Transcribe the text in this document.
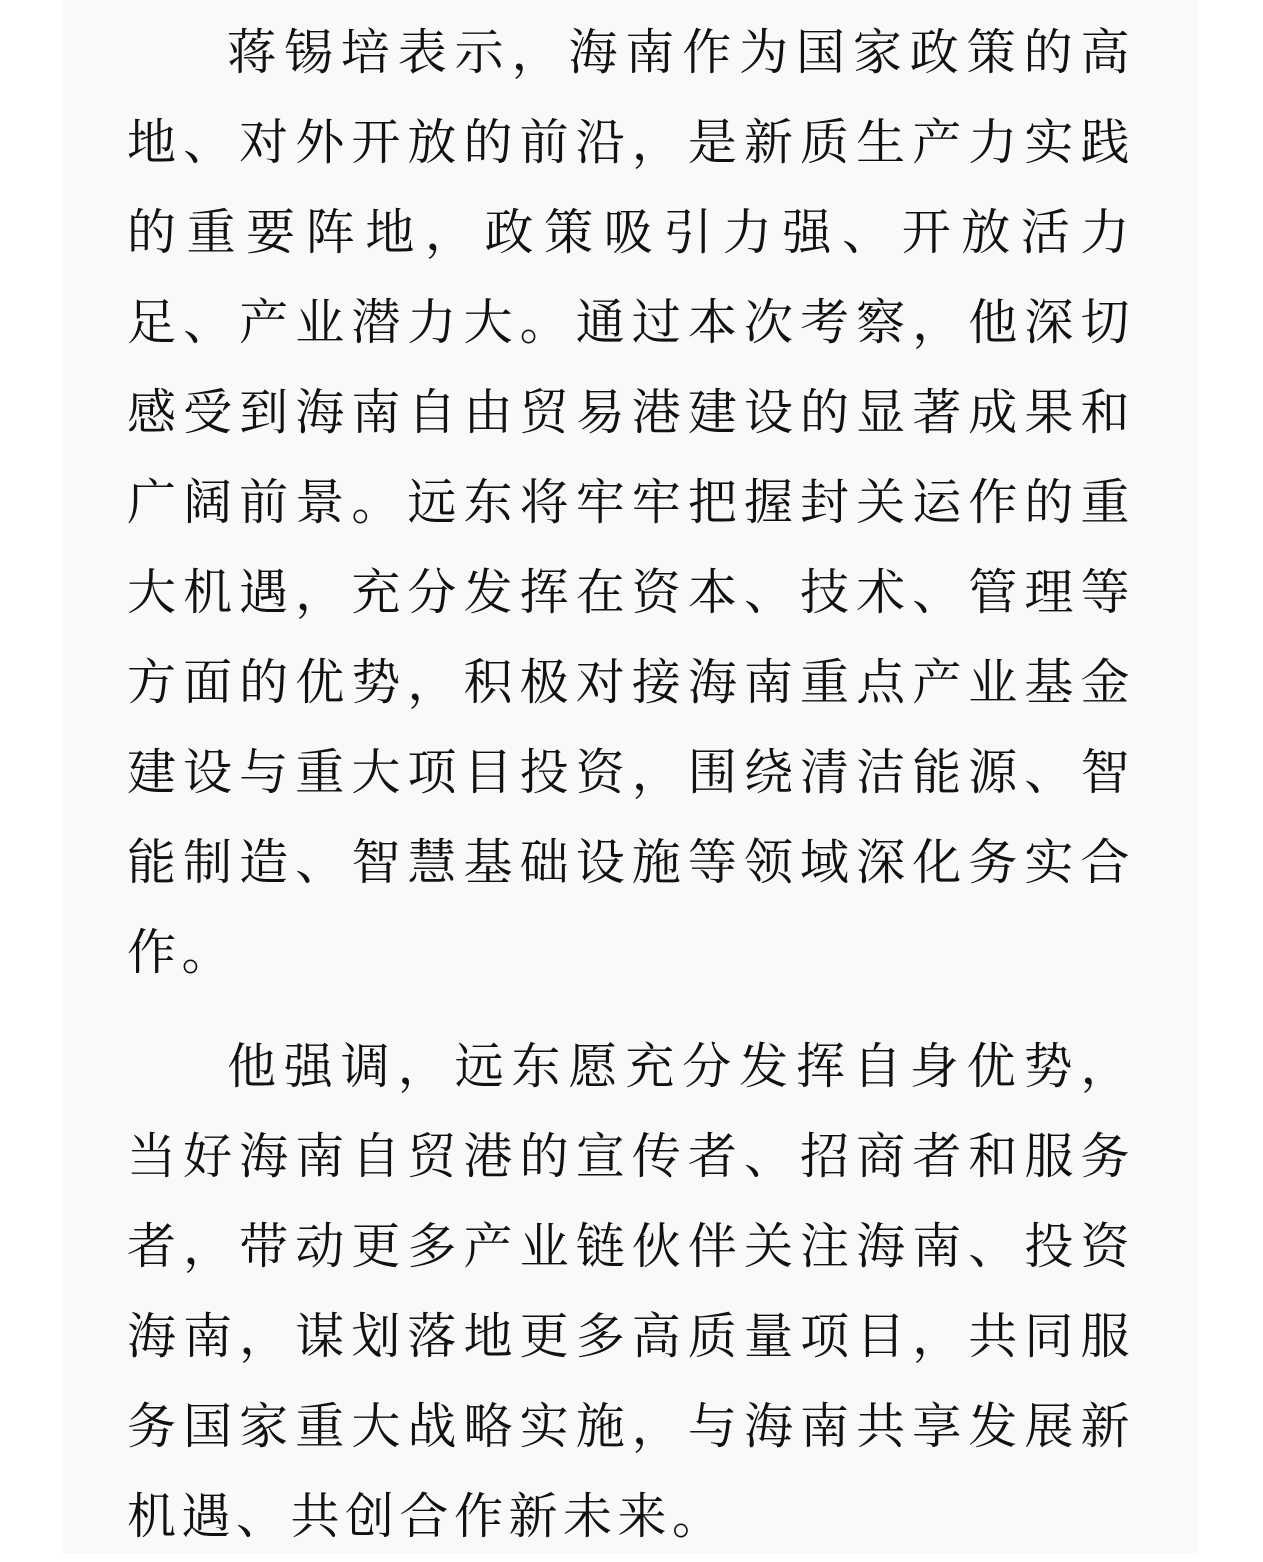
蒋锡培表示，海南作为国家政策的高地、对外开放的前沿，是新质生产力实践的重要阵地，政策吸引力强、开放活力足、产业潜力大。通过本次考察，他深切感受到海南自由贸易港建设的显著成果和广阔前景。远东将牢牢把握封关运作的重大机遇，充分发挥在资本、技术、管理等方面的优势，积极对接海南重点产业基金建设与重大项目投资，围绕清洁能源、智能制造、智慧基础设施等领域深化务实合作。

他强调，远东愿充分发挥自身优势，当好海南自贸港的宣传者、招商者和服务者，带动更多产业链伙伴关注海南、投资海南，谋划落地更多高质量项目，共同服务国家重大战略实施，与海南共享发展新机遇、共创合作新未来。
